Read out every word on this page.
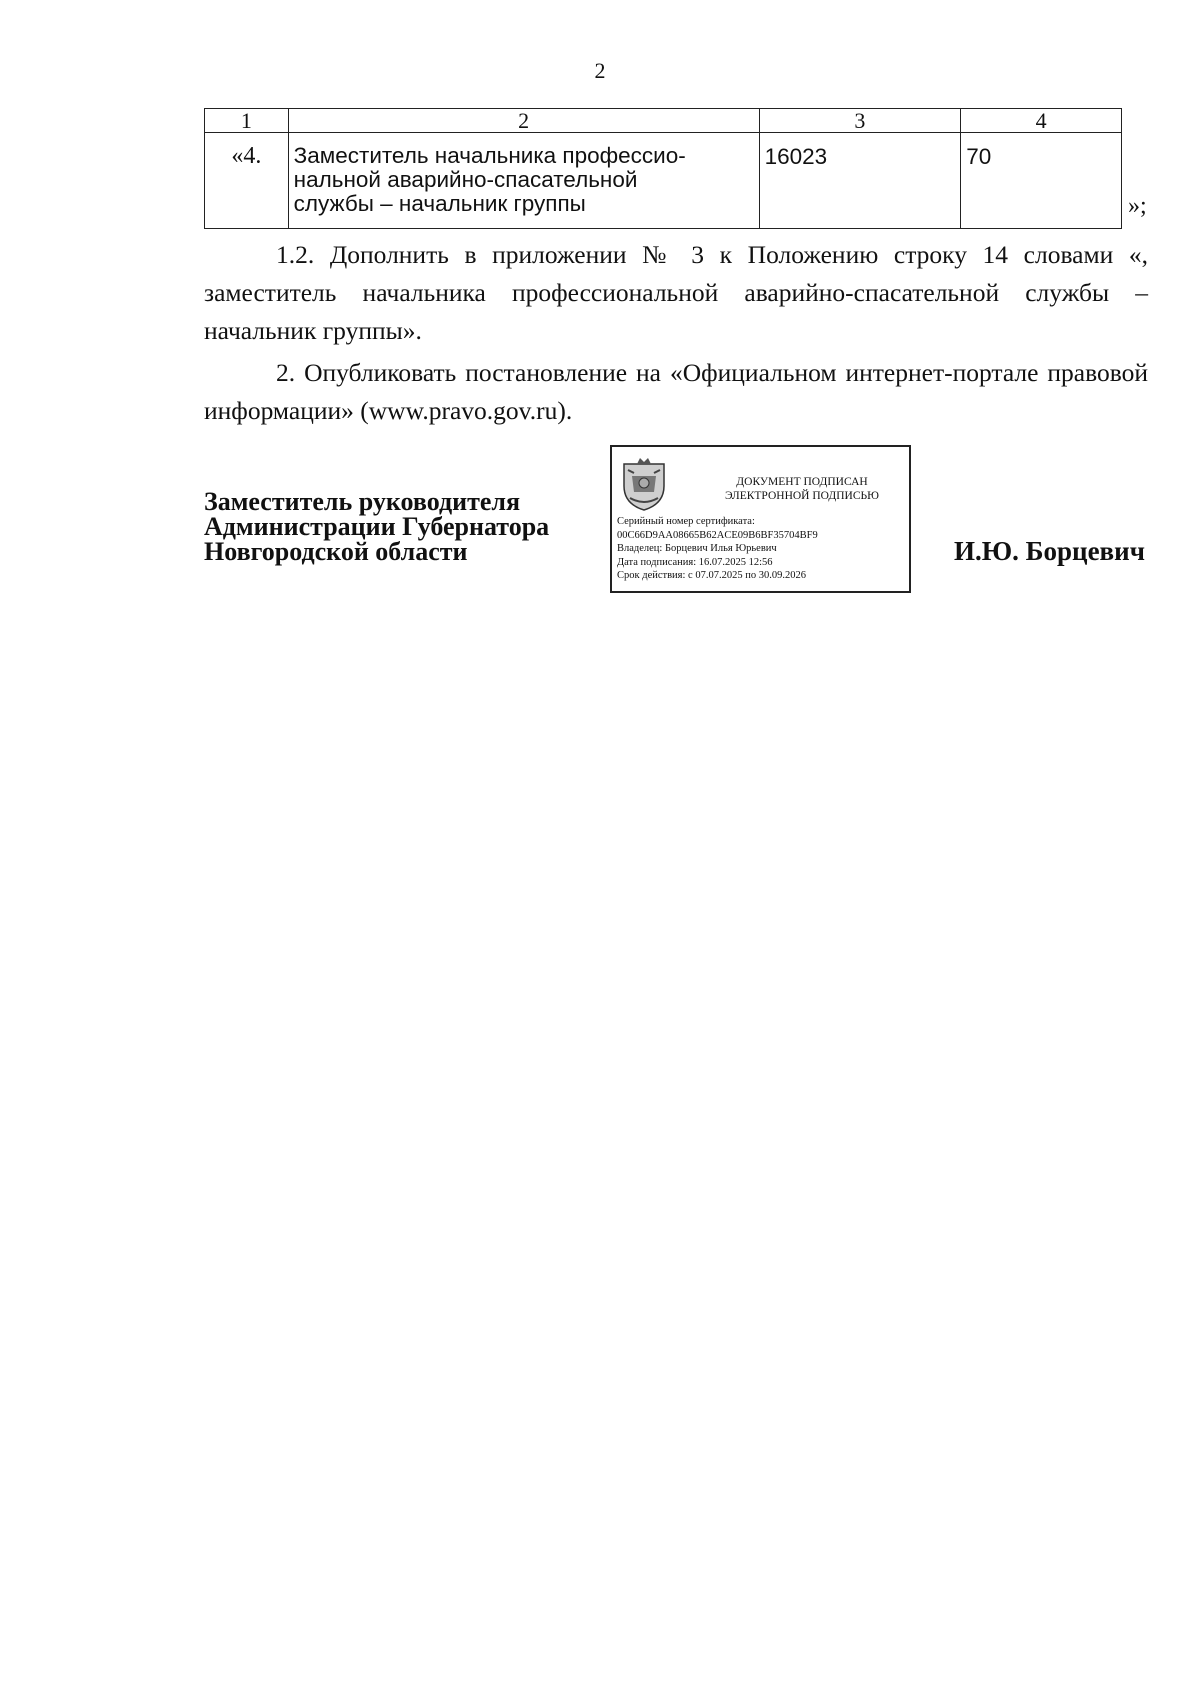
2
1	2	3	4
«4.	Заместитель начальника профессио-
нальной аварийно-спасательной
службы – начальник группы	16023	70
»;
1.2. Дополнить в приложении № 3 к Положению строку 14 словами «, заместитель начальника профессиональной аварийно-спасательной службы – начальник группы».
2. Опубликовать постановление на «Официальном интернет-портале правовой информации» (www.pravo.gov.ru).
Заместитель руководителя
Администрации Губернатора
Новгородской области
ДОКУМЕНТ ПОДПИСАН
ЭЛЕКТРОННОЙ ПОДПИСЬЮ
Серийный номер сертификата:
00C66D9AA08665B62ACE09B6BF35704BF9
Владелец: Борцевич Илья Юрьевич
Дата подписания: 16.07.2025 12:56
Срок действия: с 07.07.2025 по 30.09.2026
И.Ю. Борцевич
